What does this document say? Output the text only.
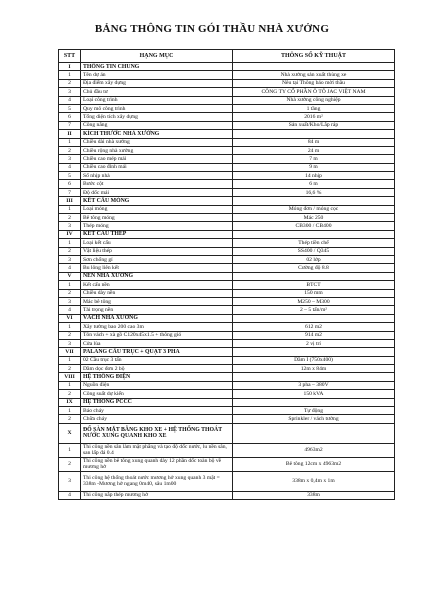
BẢNG THÔNG TIN GÓI THẦU NHÀ XƯỞNG
STT	HẠNG MỤC	THÔNG SỐ KỸ THUẬT
I	THÔNG TIN CHUNG	
1	Tên dự án	Nhà xưởng sản xuất thùng xe
2	Địa điểm xây dựng	Nêu tại Thông báo mời thầu
3	Chủ đầu tư	CÔNG TY CỔ PHẦN Ô TÔ JAC VIỆT NAM
4	Loại công trình	Nhà xưởng công nghiệp
5	Quy mô công trình	1 tầng
6	Tổng diện tích xây dựng	2016 m²
7	Công năng	Sản xuất/Kho/Lắp ráp
II	KÍCH THƯỚC NHÀ XƯỞNG	
1	Chiều dài nhà xưởng	84 m
2	Chiều rộng nhà xưởng	24 m
3	Chiều cao mép mái	7 m
4	Chiều cao đỉnh mái	9 m
5	Số nhịp nhà	14 nhịp
6	Bước cột	6 m
7	Độ dốc mái	16,6 %
III	KẾT CẤU MÓNG	
1	Loại móng	Móng đơn / móng cọc
2	Bê tông móng	Mác 250
3	Thép móng	CB300 / CB400
IV	KẾT CẤU THÉP	
1	Loại kết cấu	Thép tiền chế
2	Vật liệu thép	SS400 / Q345
3	Sơn chống gỉ	02 lớp
4	Bu lông liên kết	Cường độ 8.8
V	NỀN NHÀ XƯỞNG	
1	Kết cấu nền	BTCT
2	Chiều dày nền	150 mm
3	Mác bê tông	M250 – M300
4	Tải trọng nền	2 – 5 tấn/m²
VI	VÁCH NHÀ XƯỞNG	
1	Xây tường bao 200 cao 3m	612 m2
2	Tôn vách + xà gồ C120x45x1.5 + thông gió	914 m2
3	Cửa lùa	2 vị trí
VII	PALANG CẦU TRỤC + QUẠT 3 PHA	
1	02 Cầu trục 3 tấn	Dầm I (750x400)
2	Dầm dọc đơn 2 bộ	12m x 84m
VIII	HỆ THỐNG ĐIỆN	
1	Nguồn điện	3 pha – 380V
2	Công suất dự kiến	150 kVA
IX	HỆ THỐNG PCCC	
1	Báo cháy	Tự động
2	Chữa cháy	Sprinkler / vách tường
X	ĐỔ SÀN MẶT BẰNG KHO XE + HỆ THỐNG THOÁT NƯỚC XUNG QUANH KHO XE	
1	Thi công nền sân làm mặt phẳng và tạo độ dốc nước, lu nền sân, san lấp đá 0.4	4963m2
2	Thi công nền bê tông xung quanh dày 12 phần dốc toàn bộ về mương hở	Bê tông 12cm x 4963m2
3	Thi công hệ thống thoát nước mương hở xung quanh 3 mặt = 338m -Mương hở ngang 0m40, sâu 1m00	338m x 0,4m x 1m
4	Thi công nắp thép mương hở	338m
